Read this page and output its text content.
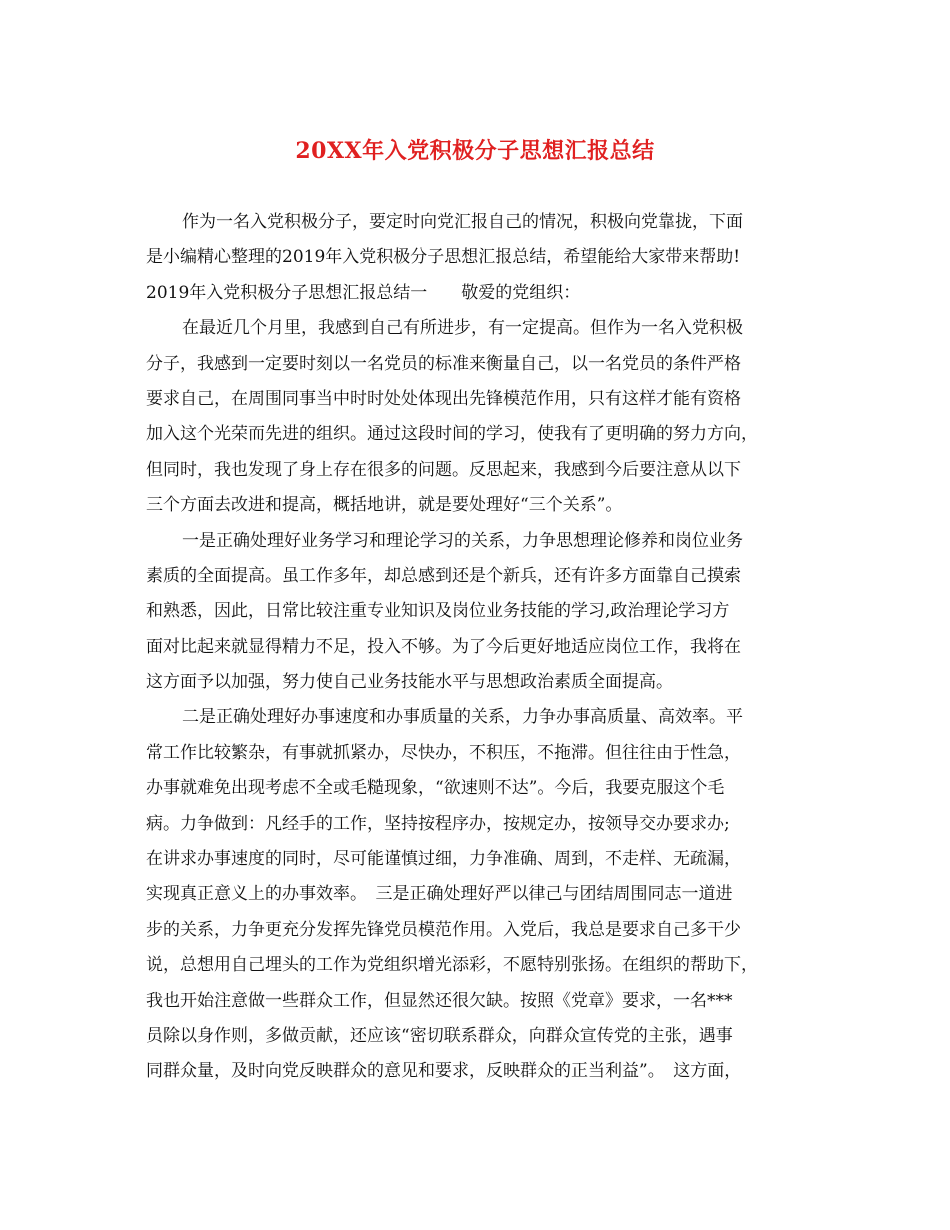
20XX年入党积极分子思想汇报总结
作为一名入党积极分子，要定时向党汇报自己的情况，积极向党靠拢，下面
是小编精心整理的2019年入党积极分子思想汇报总结，希望能给大家带来帮助!
2019年入党积极分子思想汇报总结一　　敬爱的党组织：
在最近几个月里，我感到自己有所进步，有一定提高。但作为一名入党积极
分子，我感到一定要时刻以一名党员的标准来衡量自己，以一名党员的条件严格
要求自己，在周围同事当中时时处处体现出先锋模范作用，只有这样才能有资格
加入这个光荣而先进的组织。通过这段时间的学习，使我有了更明确的努力方向，
但同时，我也发现了身上存在很多的问题。反思起来，我感到今后要注意从以下
三个方面去改进和提高，概括地讲，就是要处理好“三个关系”。
一是正确处理好业务学习和理论学习的关系，力争思想理论修养和岗位业务
素质的全面提高。虽工作多年，却总感到还是个新兵，还有许多方面靠自己摸索
和熟悉，因此，日常比较注重专业知识及岗位业务技能的学习,政治理论学习方
面对比起来就显得精力不足，投入不够。为了今后更好地适应岗位工作，我将在
这方面予以加强，努力使自己业务技能水平与思想政治素质全面提高。
二是正确处理好办事速度和办事质量的关系，力争办事高质量、高效率。平
常工作比较繁杂，有事就抓紧办，尽快办，不积压，不拖滞。但往往由于性急，
办事就难免出现考虑不全或毛糙现象，“欲速则不达”。今后，我要克服这个毛
病。力争做到：凡经手的工作，坚持按程序办，按规定办，按领导交办要求办;
在讲求办事速度的同时，尽可能谨慎过细，力争准确、周到，不走样、无疏漏，
实现真正意义上的办事效率。　三是正确处理好严以律己与团结周围同志一道进
步的关系，力争更充分发挥先锋党员模范作用。入党后，我总是要求自己多干少
说，总想用自己埋头的工作为党组织增光添彩，不愿特别张扬。在组织的帮助下，
我也开始注意做一些群众工作，但显然还很欠缺。按照《党章》要求，一名***
员除以身作则，多做贡献，还应该“密切联系群众，向群众宣传党的主张，遇事
同群众量，及时向党反映群众的意见和要求，反映群众的正当利益”。　这方面，
